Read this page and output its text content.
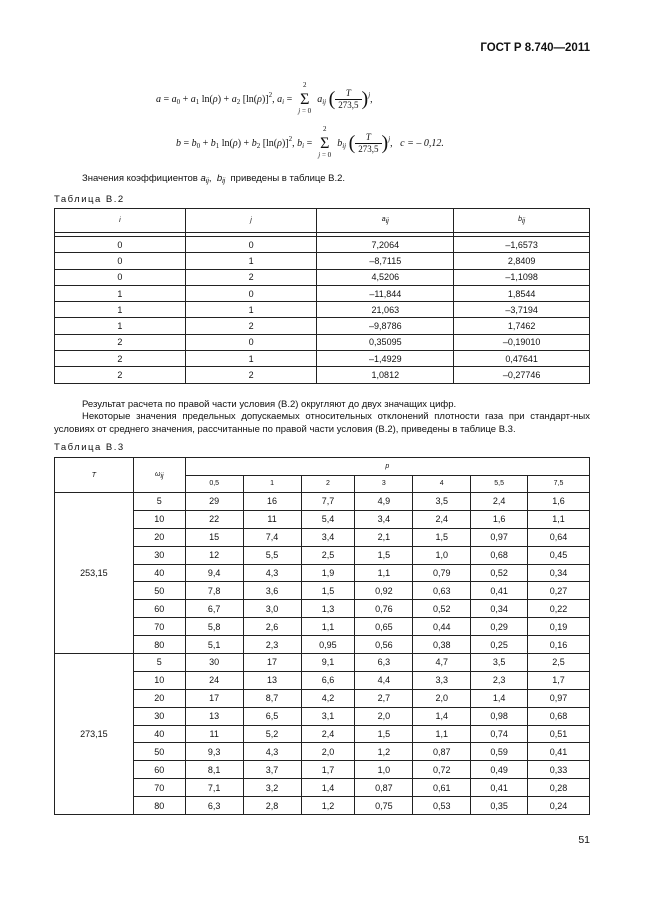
ГОСТ Р 8.740—2011
$a = a_0 + a_1$ $\ln(\rho) + a_2$ $[\ln(\rho)]^2$, $a_i$ =
2
Σ
j = 0
$a_{ij}$ ( $\frac{T}{273,5} )^j$,
$b = b_0 + b_1$ $\ln(\rho) + b_2$ $[\ln(\rho)]^2$, $b_i$ =
2
Σ
j = 0
$b_{ij}$ ( $\frac{T}{273,5} )^j$,   c = – 0,12.
Значения коэффициентов $a_{ij}$,  $b_{ij}$ приведены в таблице В.2.
Таблица В.2
i	j	aij	bij

0	0	7,2064	–1,6573
0	1	–8,7115	2,8409
0	2	4,5206	–1,1098
1	0	–11,844	1,8544
1	1	21,063	–3,7194
1	2	–9,8786	1,7462
2	0	0,35095	–0,19010
2	1	–1,4929	0,47641
2	2	1,0812	–0,27746
Результат расчета по правой части условия (В.2) округляют до двух значащих цифр.
Некоторые значения предельных допускаемых относительных отклонений плотности газа при стандарт-ных условиях от среднего значения, рассчитанные по правой части условия (В.2), приведены в таблице В.3.
Таблица В.3
T	ωij	p						
		0,5	1	2	3	4	5,5	7,5
253,15	5	29	16	7,7	4,9	3,5	2,4	1,6
	10	22	11	5,4	3,4	2,4	1,6	1,1
	20	15	7,4	3,4	2,1	1,5	0,97	0,64
	30	12	5,5	2,5	1,5	1,0	0,68	0,45
	40	9,4	4,3	1,9	1,1	0,79	0,52	0,34
	50	7,8	3,6	1,5	0,92	0,63	0,41	0,27
	60	6,7	3,0	1,3	0,76	0,52	0,34	0,22
	70	5,8	2,6	1,1	0,65	0,44	0,29	0,19
	80	5,1	2,3	0,95	0,56	0,38	0,25	0,16
273,15	5	30	17	9,1	6,3	4,7	3,5	2,5
	10	24	13	6,6	4,4	3,3	2,3	1,7
	20	17	8,7	4,2	2,7	2,0	1,4	0,97
	30	13	6,5	3,1	2,0	1,4	0,98	0,68
	40	11	5,2	2,4	1,5	1,1	0,74	0,51
	50	9,3	4,3	2,0	1,2	0,87	0,59	0,41
	60	8,1	3,7	1,7	1,0	0,72	0,49	0,33
	70	7,1	3,2	1,4	0,87	0,61	0,41	0,28
	80	6,3	2,8	1,2	0,75	0,53	0,35	0,24
51
